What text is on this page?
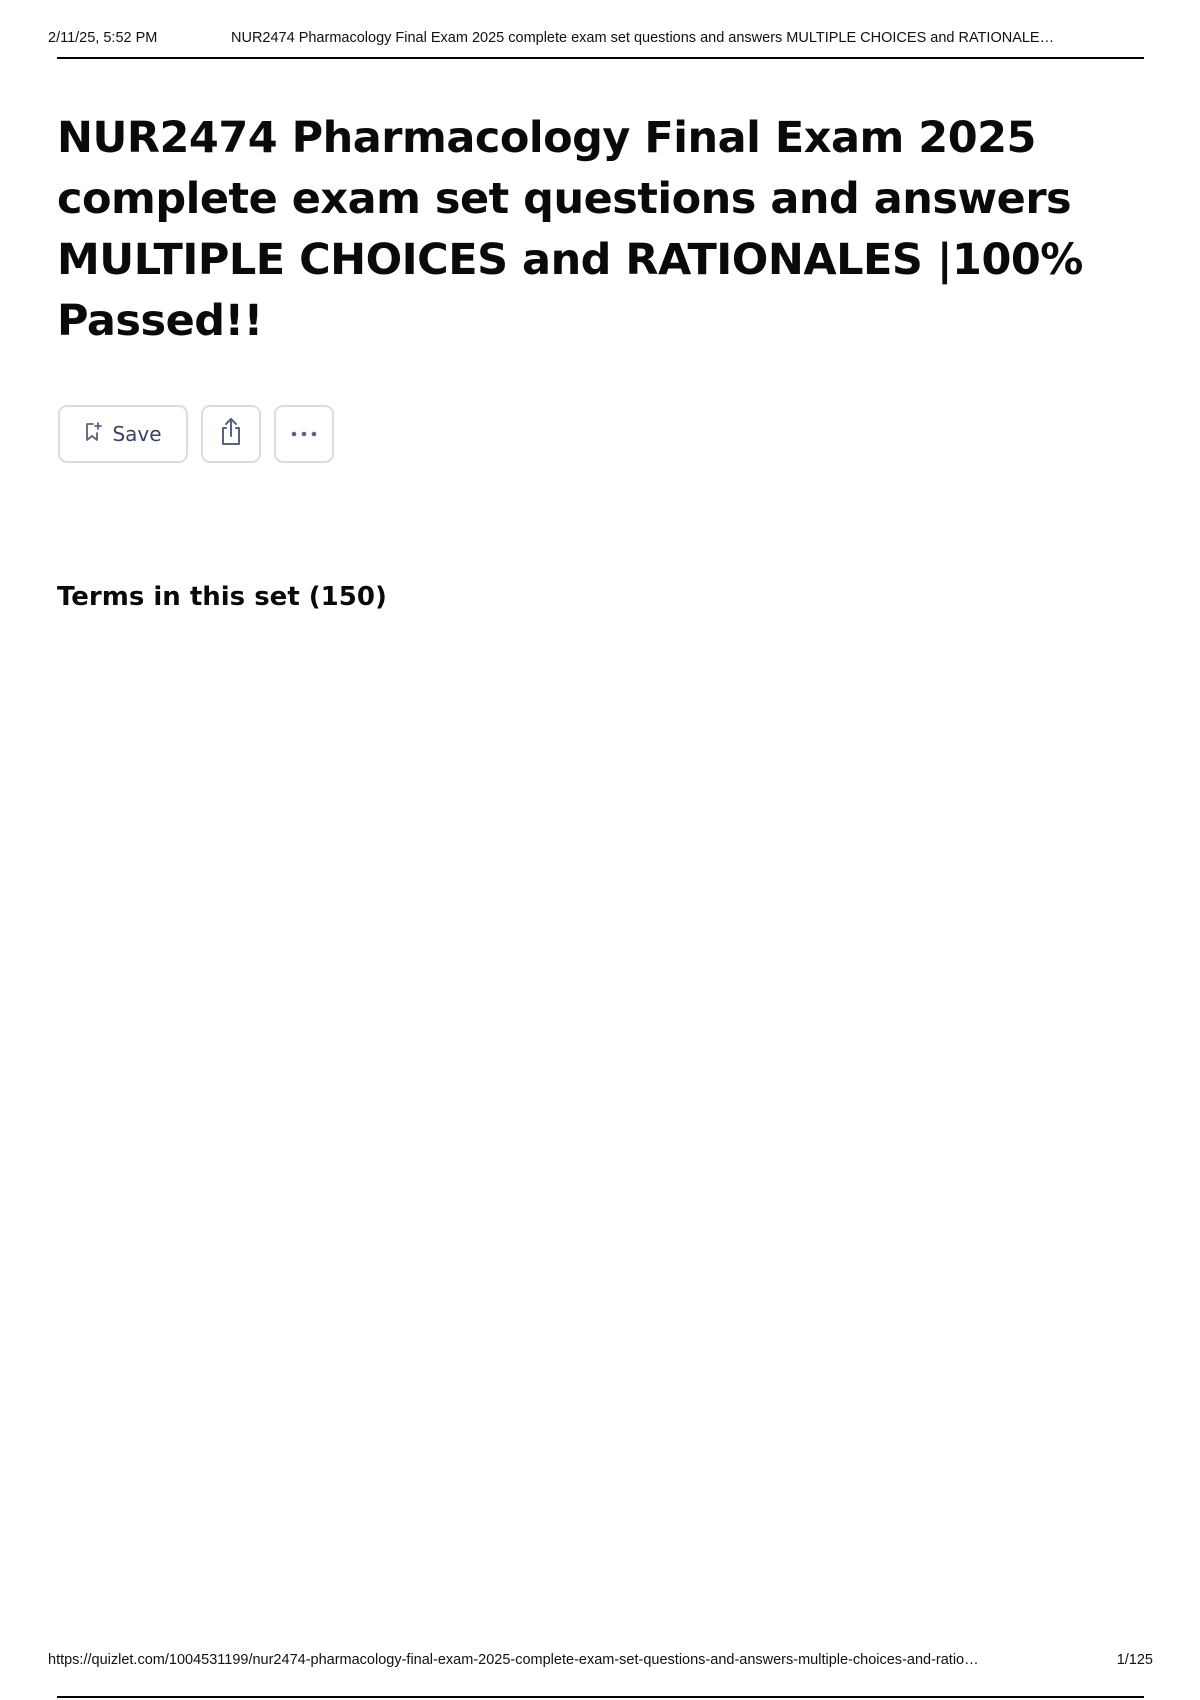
2/11/25, 5:52 PM	NUR2474 Pharmacology Final Exam 2025 complete exam set questions and answers MULTIPLE CHOICES and RATIONALE…
NUR2474 Pharmacology Final Exam 2025
complete exam set questions and answers
MULTIPLE CHOICES and RATIONALES |100%
Passed!!
Save
Terms in this set (150)
https://quizlet.com/1004531199/nur2474-pharmacology-final-exam-2025-complete-exam-set-questions-and-answers-multiple-choices-and-ratio…	1/125
